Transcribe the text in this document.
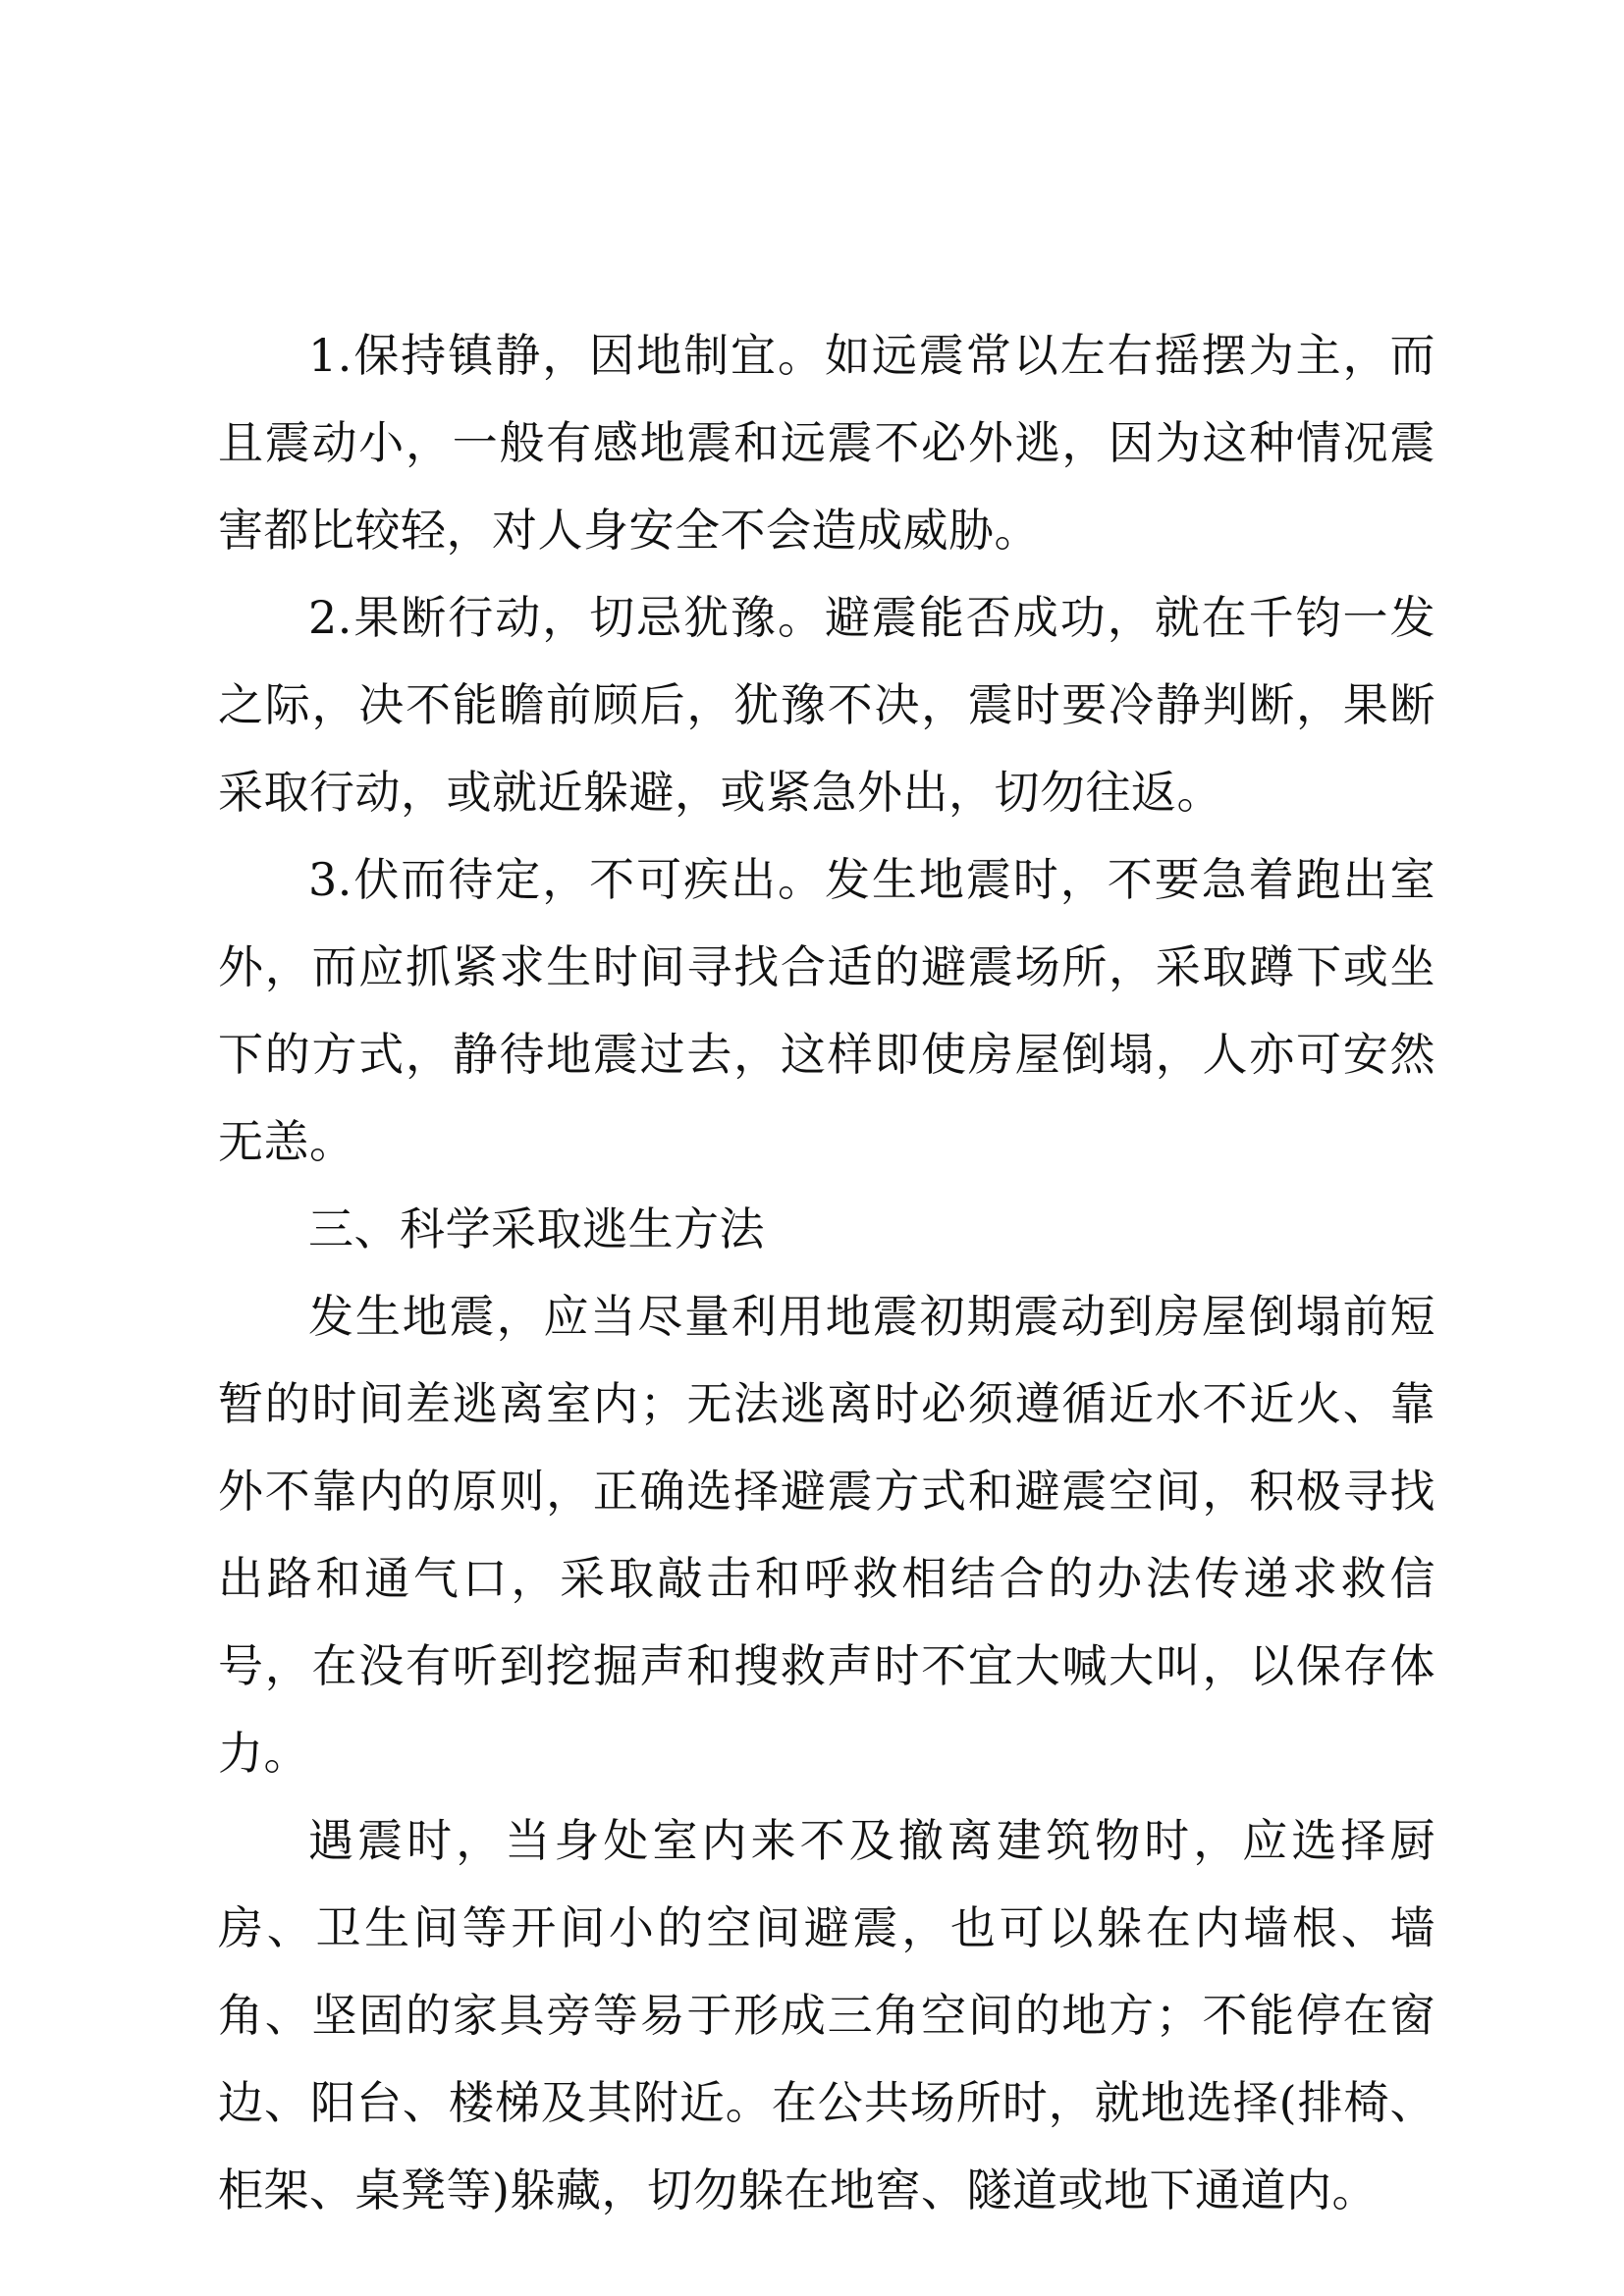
1.保持镇静，因地制宜。如远震常以左右摇摆为主，而且震动小，一般有感地震和远震不必外逃，因为这种情况震害都比较轻，对人身安全不会造成威胁。

2.果断行动，切忌犹豫。避震能否成功，就在千钧一发之际，决不能瞻前顾后，犹豫不决，震时要冷静判断，果断采取行动，或就近躲避，或紧急外出，切勿往返。

3.伏而待定，不可疾出。发生地震时，不要急着跑出室外，而应抓紧求生时间寻找合适的避震场所，采取蹲下或坐下的方式，静待地震过去，这样即使房屋倒塌，人亦可安然无恙。

三、科学采取逃生方法

发生地震，应当尽量利用地震初期震动到房屋倒塌前短暂的时间差逃离室内；无法逃离时必须遵循近水不近火、靠外不靠内的原则，正确选择避震方式和避震空间，积极寻找出路和通气口，采取敲击和呼救相结合的办法传递求救信号，在没有听到挖掘声和搜救声时不宜大喊大叫，以保存体力。

遇震时，当身处室内来不及撤离建筑物时，应选择厨房、卫生间等开间小的空间避震，也可以躲在内墙根、墙角、坚固的家具旁等易于形成三角空间的地方；不能停在窗边、阳台、楼梯及其附近。在公共场所时，就地选择(排椅、柜架、桌凳等)躲藏，切勿躲在地窖、隧道或地下通道内。
